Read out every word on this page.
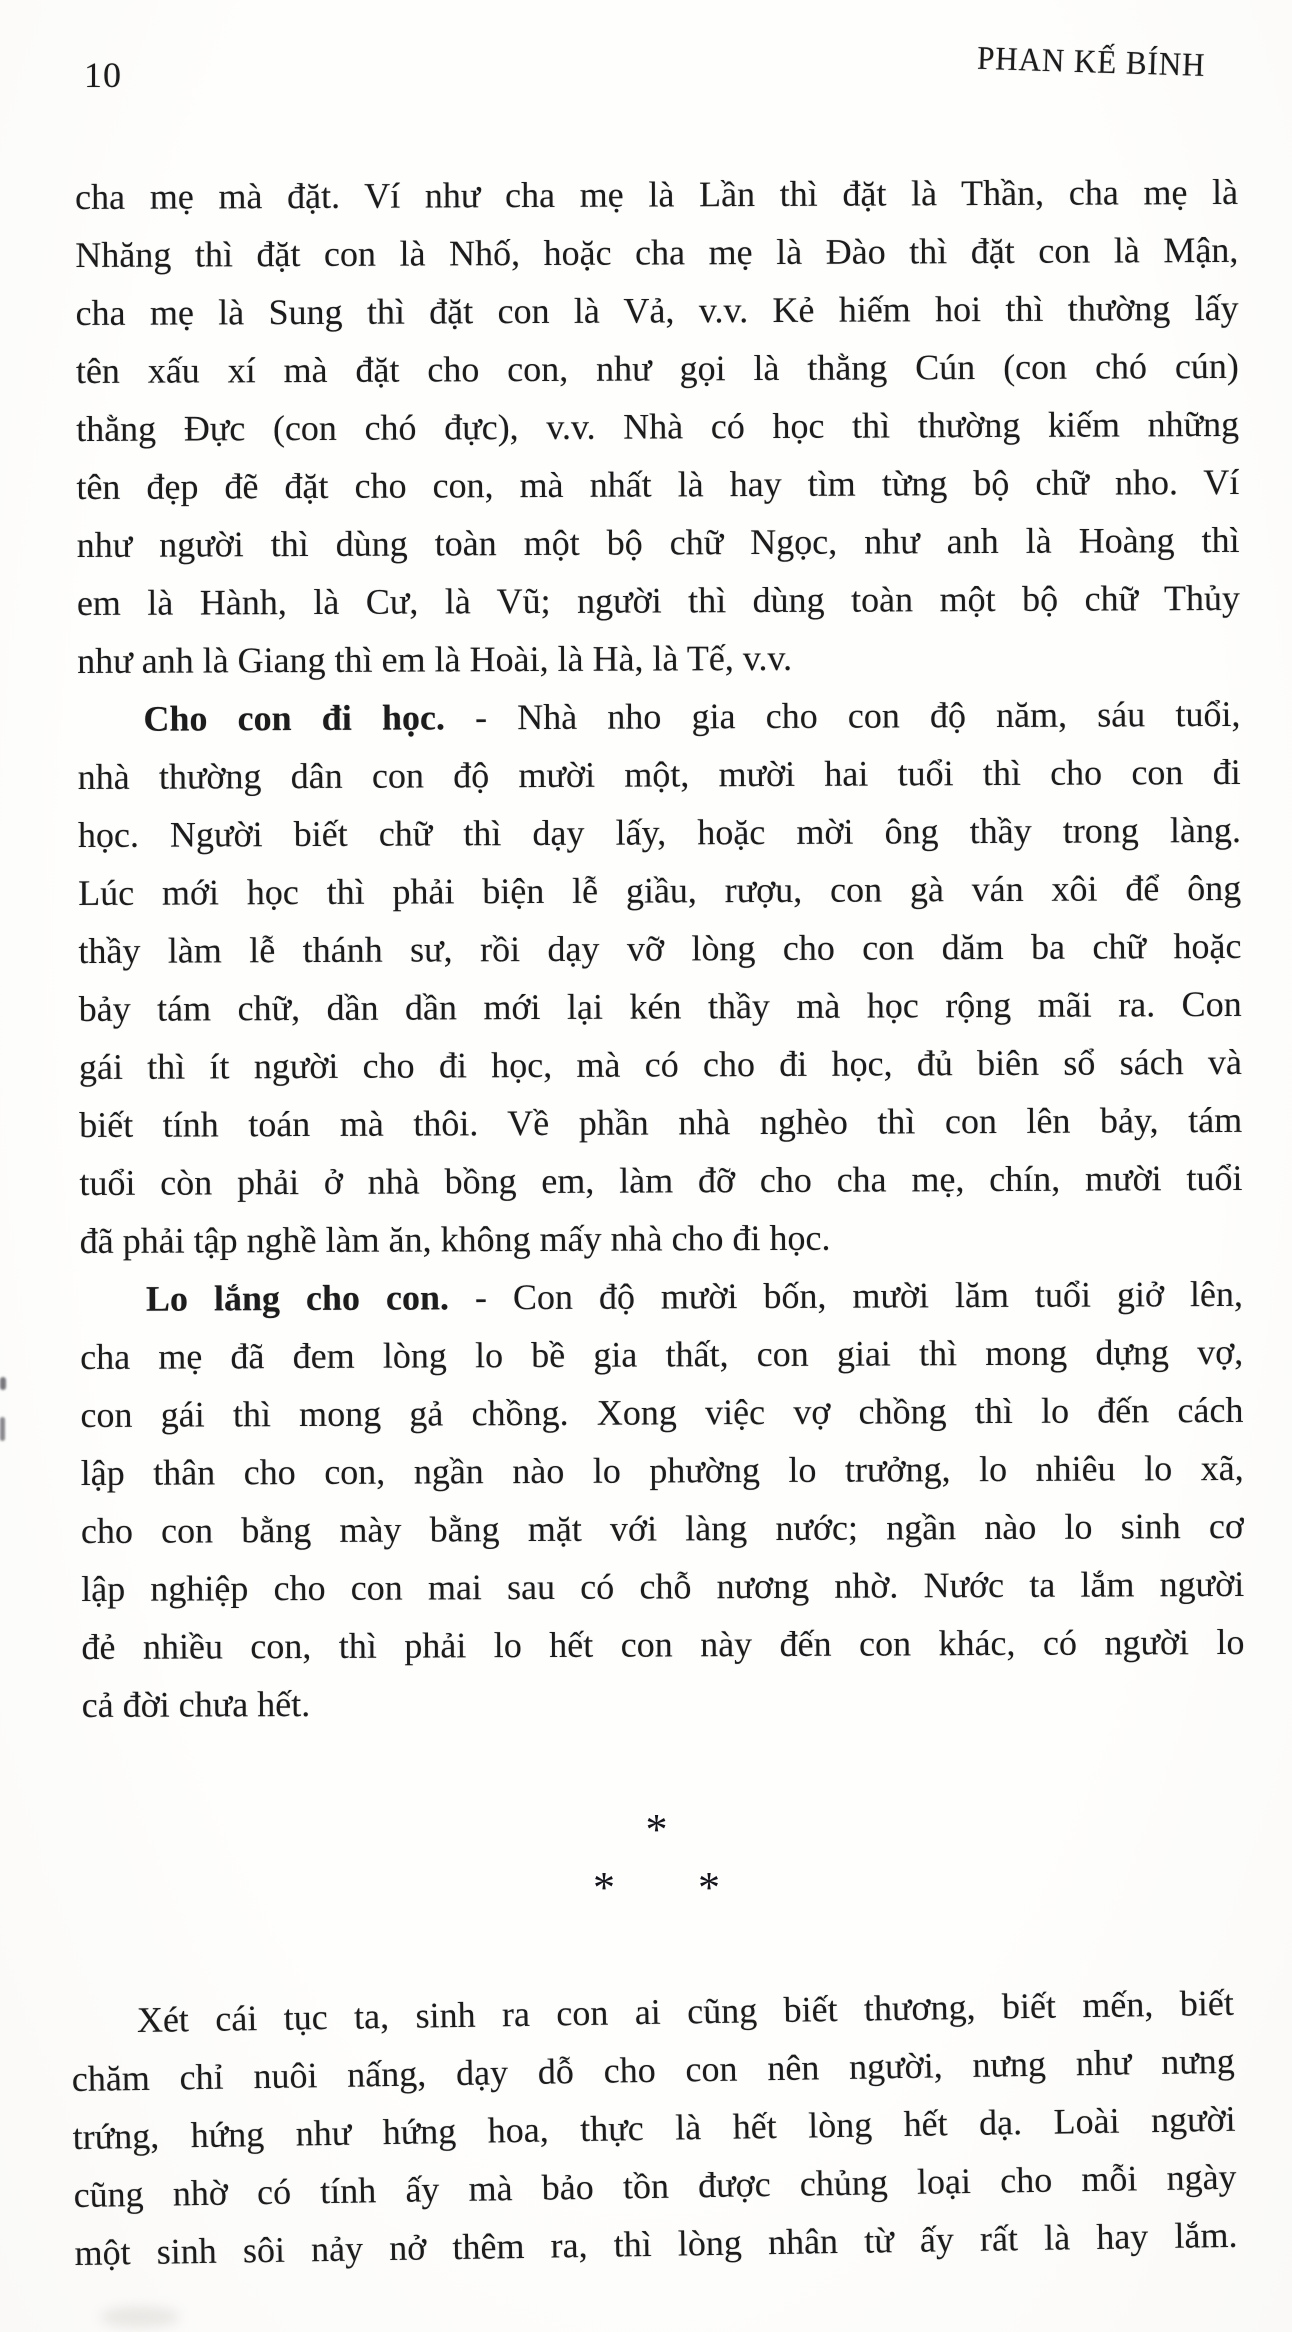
10	PHAN KẾ BÍNH
cha mẹ mà đặt. Ví như cha mẹ là Lần thì đặt là Thần, cha mẹ là
Nhăng thì đặt con là Nhố, hoặc cha mẹ là Đào thì đặt con là Mận,
cha mẹ là Sung thì đặt con là Vả, v.v. Kẻ hiếm hoi thì thường lấy
tên xấu xí mà đặt cho con, như gọi là thằng Cún (con chó cún)
thằng Đực (con chó đực), v.v. Nhà có học thì thường kiếm những
tên đẹp đẽ đặt cho con, mà nhất là hay tìm từng bộ chữ nho. Ví
như người thì dùng toàn một bộ chữ Ngọc, như anh là Hoàng thì
em là Hành, là Cư, là Vũ; người thì dùng toàn một bộ chữ Thủy
như anh là Giang thì em là Hoài, là Hà, là Tế, v.v.
Cho con đi học. - Nhà nho gia cho con độ năm, sáu tuổi,
nhà thường dân con độ mười một, mười hai tuổi thì cho con đi
học. Người biết chữ thì dạy lấy, hoặc mời ông thầy trong làng.
Lúc mới học thì phải biện lễ giầu, rượu, con gà ván xôi để ông
thầy làm lễ thánh sư, rồi dạy vỡ lòng cho con dăm ba chữ hoặc
bảy tám chữ, dần dần mới lại kén thầy mà học rộng mãi ra. Con
gái thì ít người cho đi học, mà có cho đi học, đủ biên sổ sách và
biết tính toán mà thôi. Về phần nhà nghèo thì con lên bảy, tám
tuổi còn phải ở nhà bồng em, làm đỡ cho cha mẹ, chín, mười tuổi
đã phải tập nghề làm ăn, không mấy nhà cho đi học.
Lo lắng cho con. - Con độ mười bốn, mười lăm tuổi giở lên,
cha mẹ đã đem lòng lo bề gia thất, con giai thì mong dựng vợ,
con gái thì mong gả chồng. Xong việc vợ chồng thì lo đến cách
lập thân cho con, ngần nào lo phường lo trưởng, lo nhiêu lo xã,
cho con bằng mày bằng mặt với làng nước; ngần nào lo sinh cơ
lập nghiệp cho con mai sau có chỗ nương nhờ. Nước ta lắm người
đẻ nhiều con, thì phải lo hết con này đến con khác, có người lo
cả đời chưa hết.
*
* *
Xét cái tục ta, sinh ra con ai cũng biết thương, biết mến, biết
chăm chỉ nuôi nấng, dạy dỗ cho con nên người, nưng như nưng
trứng, hứng như hứng hoa, thực là hết lòng hết dạ. Loài người
cũng nhờ có tính ấy mà bảo tồn được chủng loại cho mỗi ngày
một sinh sôi nảy nở thêm ra, thì lòng nhân từ ấy rất là hay lắm.
